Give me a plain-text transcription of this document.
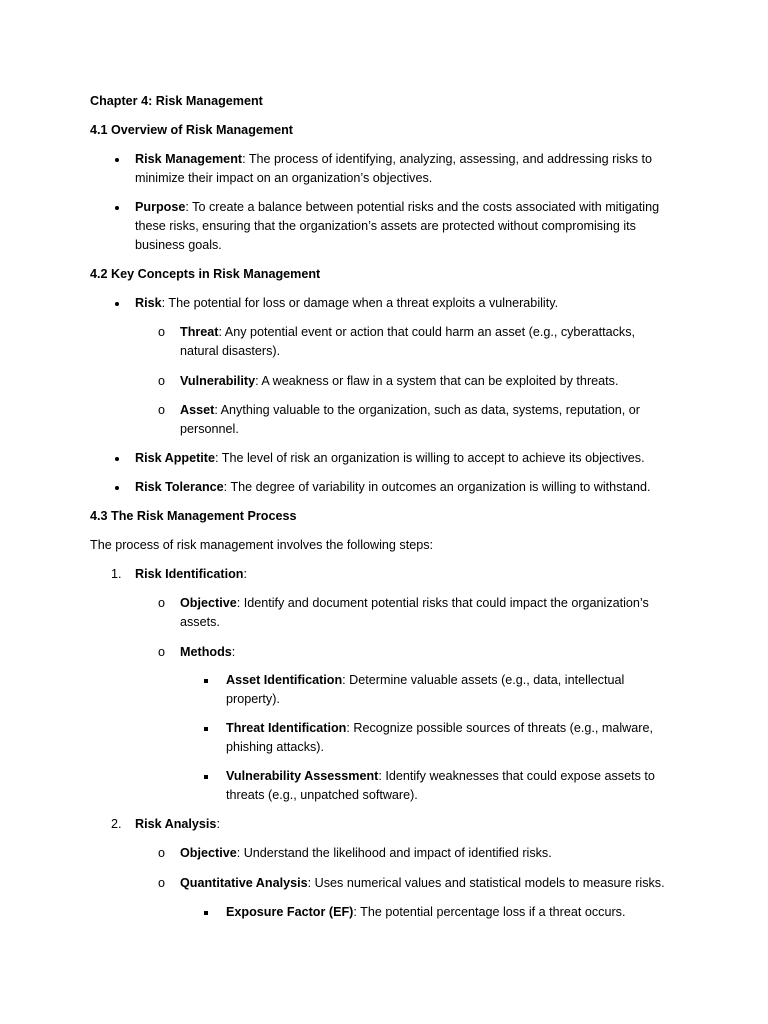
Chapter 4: Risk Management
4.1 Overview of Risk Management
Risk Management: The process of identifying, analyzing, assessing, and addressing risks to
minimize their impact on an organization’s objectives.
Purpose: To create a balance between potential risks and the costs associated with mitigating
these risks, ensuring that the organization’s assets are protected without compromising its
business goals.
4.2 Key Concepts in Risk Management
Risk: The potential for loss or damage when a threat exploits a vulnerability.
o Threat: Any potential event or action that could harm an asset (e.g., cyberattacks,
natural disasters).
o Vulnerability: A weakness or flaw in a system that can be exploited by threats.
o Asset: Anything valuable to the organization, such as data, systems, reputation, or
personnel.
Risk Appetite: The level of risk an organization is willing to accept to achieve its objectives.
Risk Tolerance: The degree of variability in outcomes an organization is willing to withstand.
4.3 The Risk Management Process
The process of risk management involves the following steps:
1. Risk Identification:
o Objective: Identify and document potential risks that could impact the organization’s
assets.
o Methods:
Asset Identification: Determine valuable assets (e.g., data, intellectual
property).
Threat Identification: Recognize possible sources of threats (e.g., malware,
phishing attacks).
Vulnerability Assessment: Identify weaknesses that could expose assets to
threats (e.g., unpatched software).
2. Risk Analysis:
o Objective: Understand the likelihood and impact of identified risks.
o Quantitative Analysis: Uses numerical values and statistical models to measure risks.
Exposure Factor (EF): The potential percentage loss if a threat occurs.
